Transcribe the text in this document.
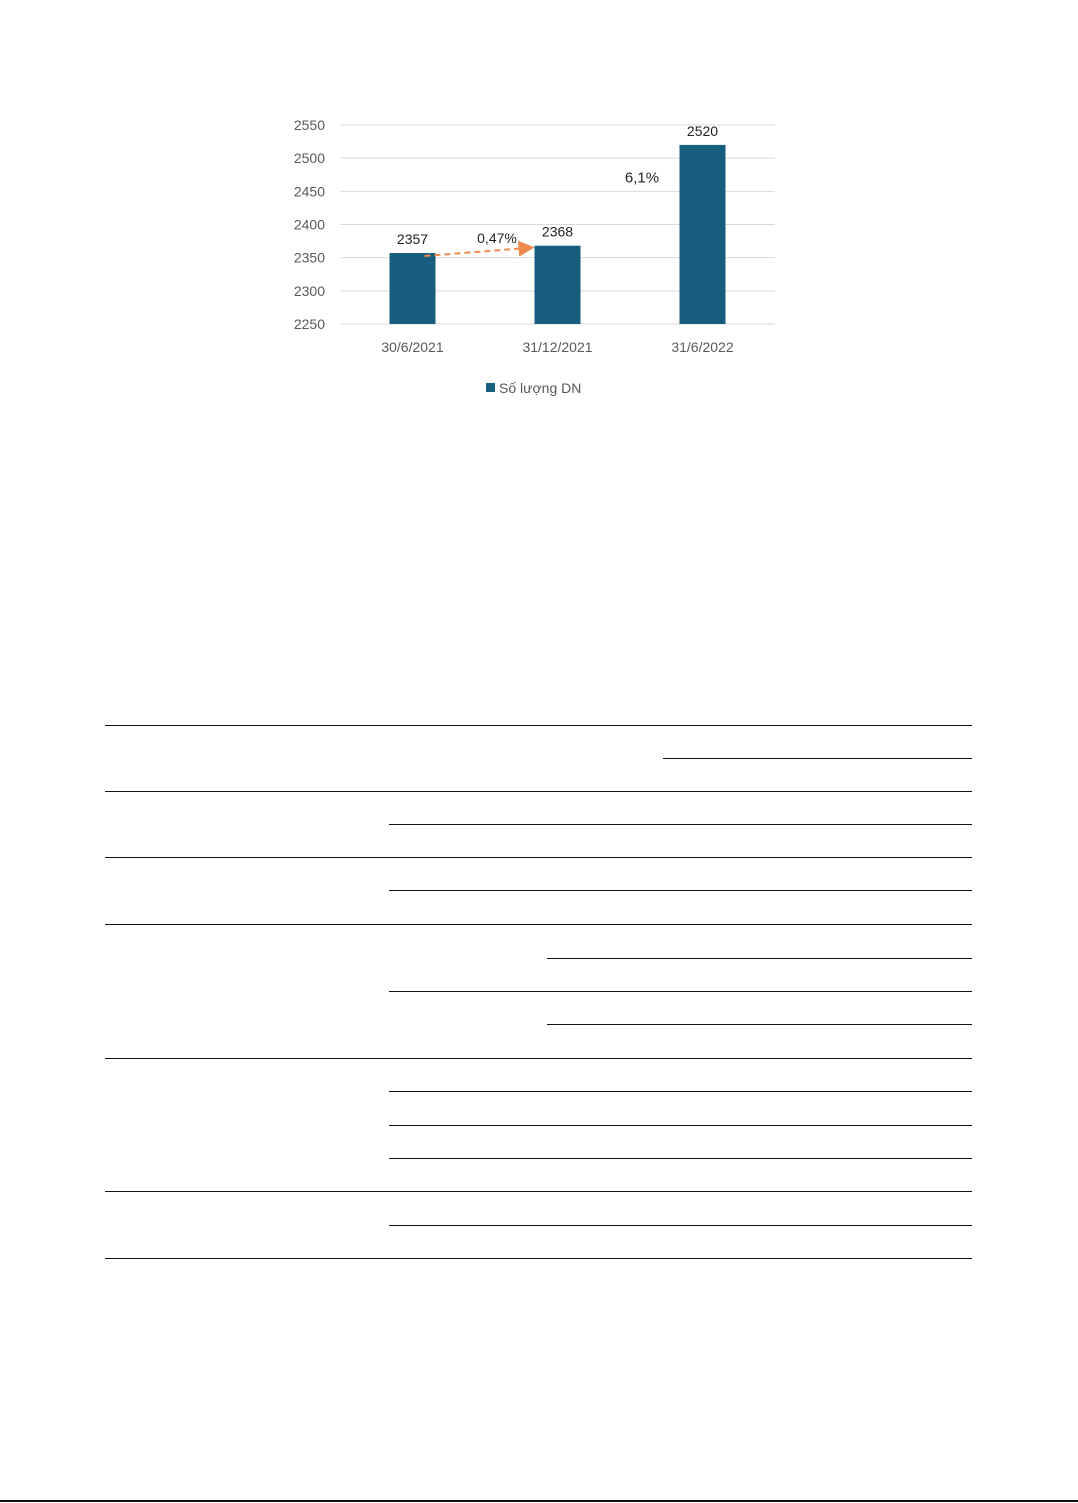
2250
2300
2350
2400
2450
2500
2550
2357
30/6/2021
2368
31/12/2021
2520
31/6/2022
0,47%
6,1%
Số lượng DN
